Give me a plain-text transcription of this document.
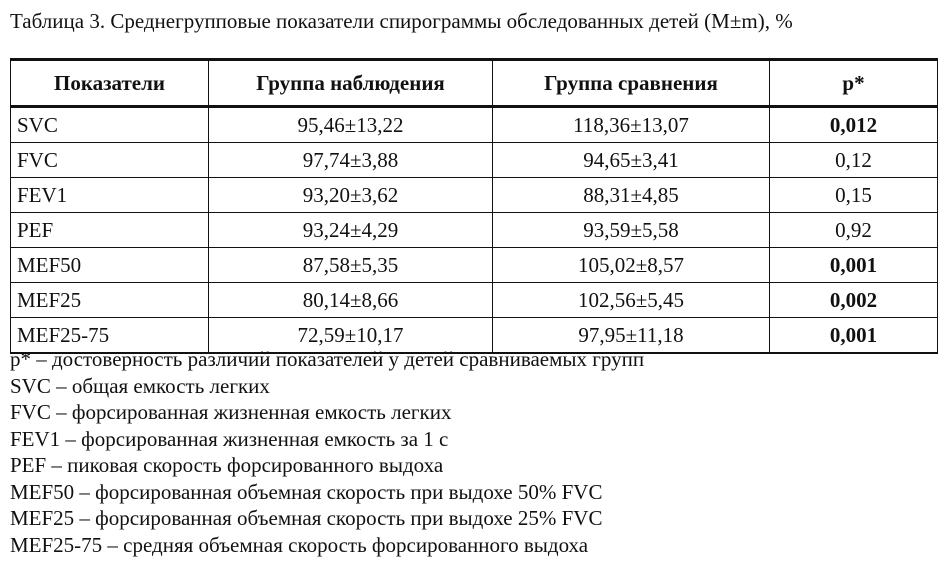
Таблица 3. Среднегрупповые показатели спирограммы обследованных детей (M±m), %
Показатели	Группа наблюдения	Группа сравнения	p*
SVC	95,46±13,22	118,36±13,07	0,012
FVC	97,74±3,88	94,65±3,41	0,12
FEV1	93,20±3,62	88,31±4,85	0,15
PEF	93,24±4,29	93,59±5,58	0,92
MEF50	87,58±5,35	105,02±8,57	0,001
MEF25	80,14±8,66	102,56±5,45	0,002
MEF25-75	72,59±10,17	97,95±11,18	0,001
p* – достоверность различий показателей у детей сравниваемых групп
SVC – общая емкость легких
FVC – форсированная жизненная емкость легких
FEV1 – форсированная жизненная емкость за 1 с
PEF – пиковая скорость форсированного выдоха
MEF50 – форсированная объемная скорость при выдохе 50% FVC
MEF25 – форсированная объемная скорость при выдохе 25% FVC
MEF25-75 – средняя объемная скорость форсированного выдоха
